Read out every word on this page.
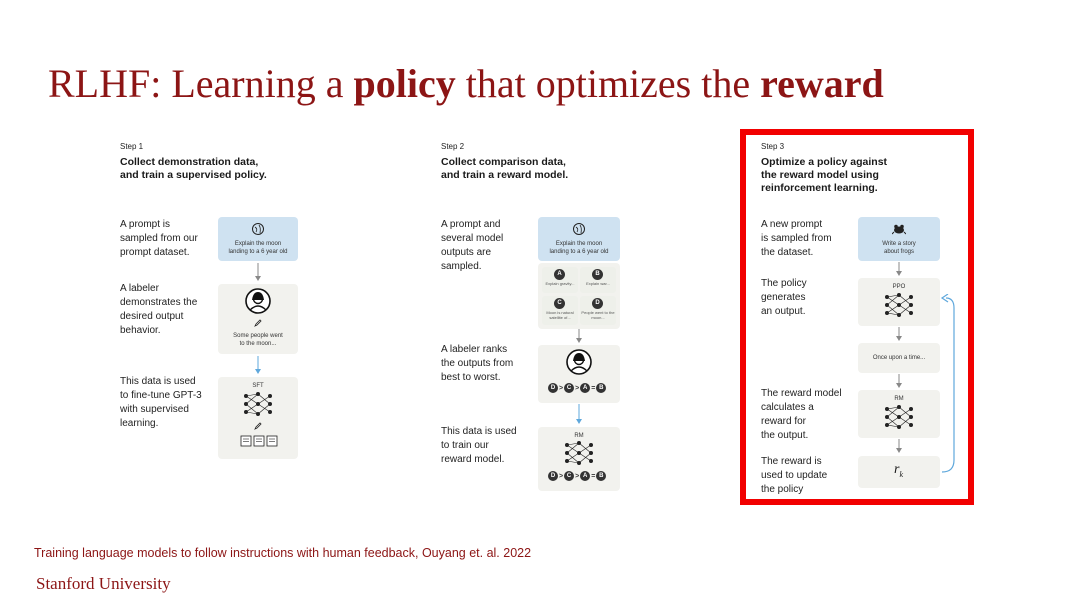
RLHF: Learning a policy that optimizes the reward
Step 1
Collect demonstration data,
and train a supervised policy.
A prompt is
sampled from our
prompt dataset.
Explain the moon
landing to a 6 year old
A labeler
demonstrates the
desired output
behavior.	Some people went
to the moon...
This data is used
to fine-tune GPT-3
with supervised
learning.
SFT
Step 2
Collect comparison data,
and train a reward model.
A prompt and
several model
outputs are
sampled.
Explain the moon
landing to a 6 year old
A
Explain gravity...
B
Explain war...
C
Moon is natural satellite of...
D
People went to the moon...
A labeler ranks
the outputs from
best to worst.
D > C > A = B
This data is used
to train our
reward model.
RM
D > C > A = B
Step 3
Optimize a policy against
the reward model using
reinforcement learning.
A new prompt
is sampled from
the dataset.
Write a story
about frogs
The policy
generates
an output.
PPO
Once upon a time...
The reward model
calculates a
reward for
the output.
RM
The reward is
used to update
the policy
$r_k$
Training language models to follow instructions with human feedback, Ouyang et. al. 2022
Stanford University
